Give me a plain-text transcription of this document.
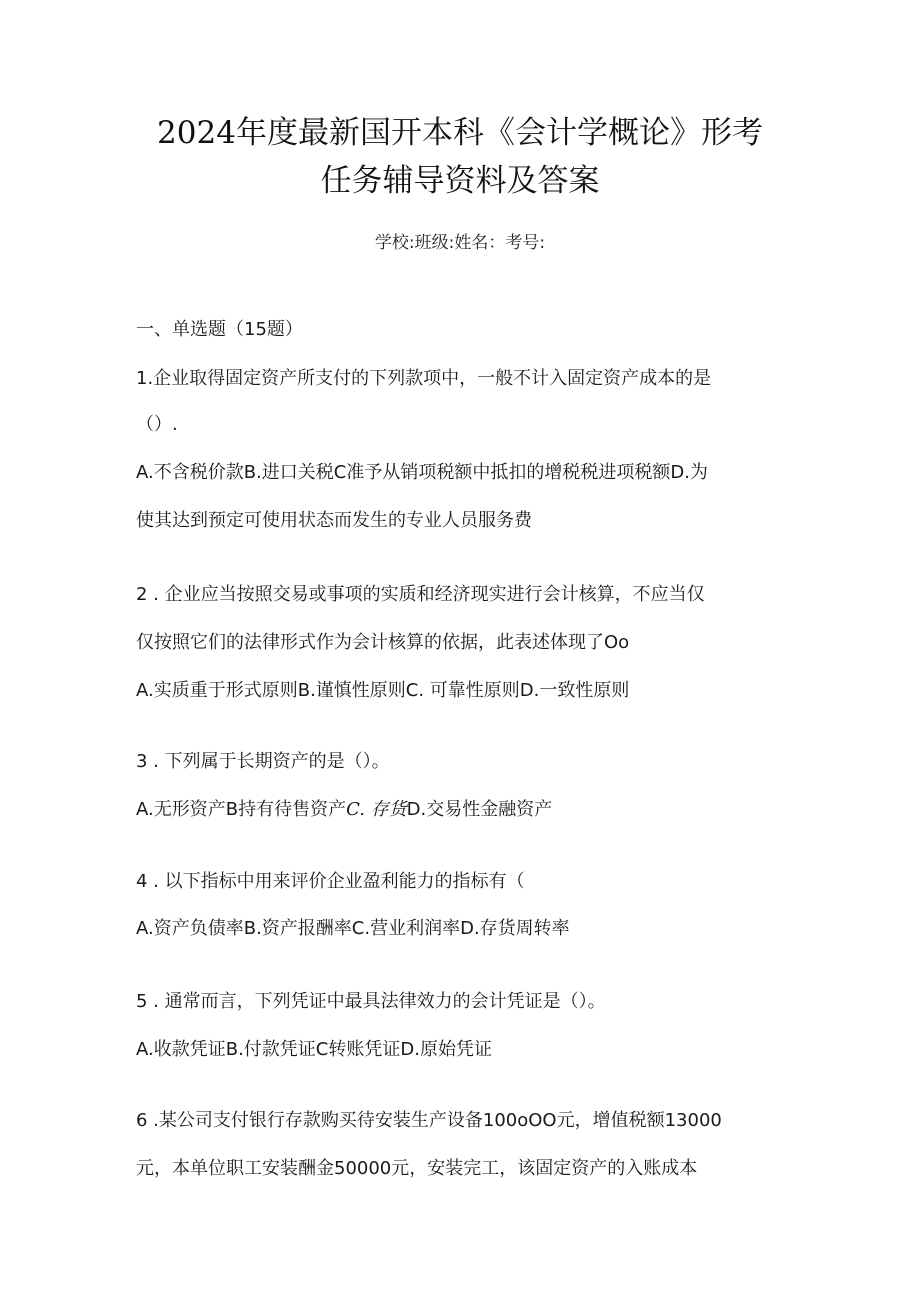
2024年度最新国开本科《会计学概论》形考
任务辅导资料及答案
学校:班级:姓名：考号:
一、单选题（15题）
1.企业取得固定资产所支付的下列款项中，一般不计入固定资产成本的是
（）.
A.不含税价款B.进口关税C准予从销项税额中抵扣的增税税进项税额D.为
使其达到预定可使用状态而发生的专业人员服务费
2 . 企业应当按照交易或事项的实质和经济现实进行会计核算，不应当仅
仅按照它们的法律形式作为会计核算的依据，此表述体现了Oo
A.实质重于形式原则B.谨慎性原则C. 可靠性原则D.一致性原则
3 . 下列属于长期资产的是（）。
A.无形资产B持有待售资产C. 存货D.交易性金融资产
4 . 以下指标中用来评价企业盈利能力的指标有（
A.资产负债率B.资产报酬率C.营业利润率D.存货周转率
5 . 通常而言，下列凭证中最具法律效力的会计凭证是（）。
A.收款凭证B.付款凭证C转账凭证D.原始凭证
6 .某公司支付银行存款购买待安装生产设备100oOO元，增值税额13000
元，本单位职工安装酬金50000元，安装完工，该固定资产的入账成本
